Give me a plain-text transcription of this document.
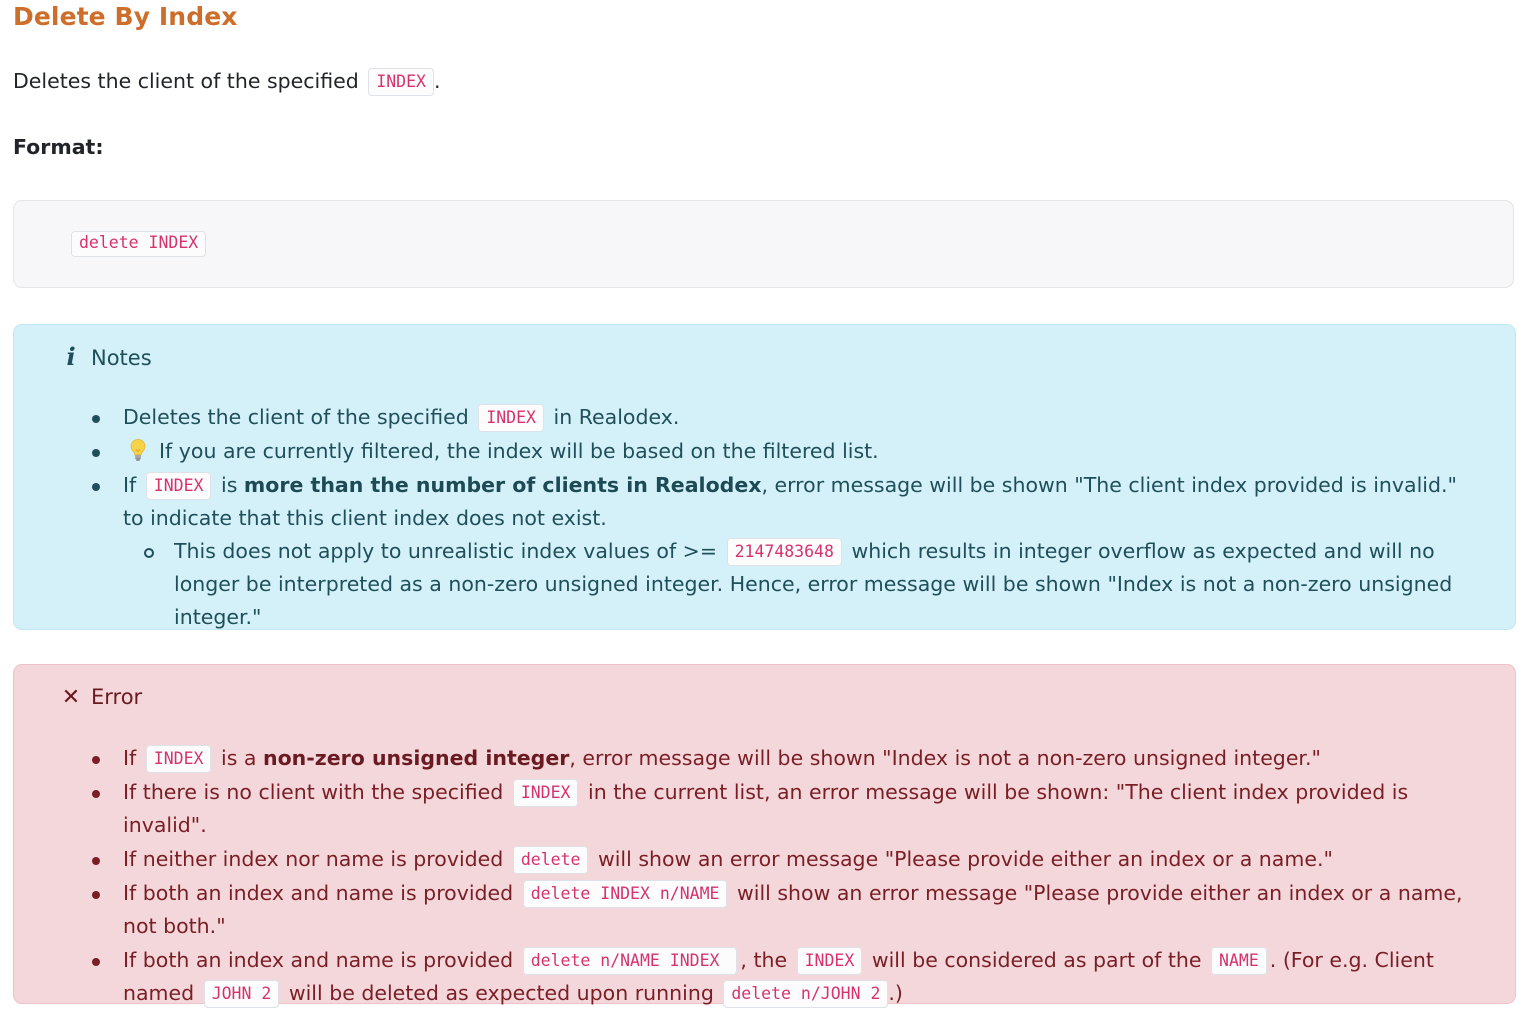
Delete By Index

Deletes the client of the specified INDEX .

Format:
delete INDEX
i Notes
Deletes the client of the specified INDEX in Realodex.
If you are currently filtered, the index will be based on the filtered list.
If INDEX is more than the number of clients in Realodex, error message will be shown "The client index provided is invalid." to indicate that this client index does not exist.
This does not apply to unrealistic index values of >= 2147483648 which results in integer overflow as expected and will no longer be interpreted as a non-zero unsigned integer. Hence, error message will be shown "Index is not a non-zero unsigned integer."
✕ Error
If INDEX is a non-zero unsigned integer, error message will be shown "Index is not a non-zero unsigned integer."
If there is no client with the specified INDEX in the current list, an error message will be shown: "The client index provided is invalid".
If neither index nor name is provided delete will show an error message "Please provide either an index or a name."
If both an index and name is provided delete INDEX n/NAME will show an error message "Please provide either an index or a name, not both."
If both an index and name is provided delete n/NAME INDEX , the INDEX will be considered as part of the NAME . (For e.g. Client named JOHN 2 will be deleted as expected upon running delete n/JOHN 2 .)
